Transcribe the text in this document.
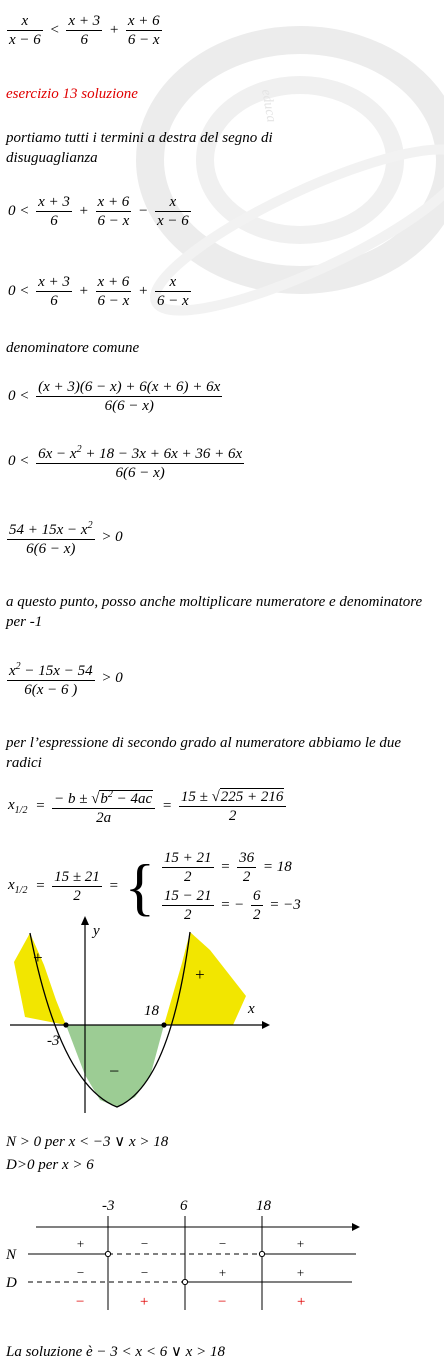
educa
$\frac{x}{x - 6} < \frac{x + 3}{6} + \frac{x + 6}{6 - x}$
esercizio 13 soluzione
portiamo tutti i termini a destra del segno di disuguaglianza
$0 < \frac{x + 3}{6} + \frac{x + 6}{6 - x} - \frac{x}{x - 6}$
$0 < \frac{x + 3}{6} + \frac{x + 6}{6 - x} + \frac{x}{6 - x}$
denominatore comune
$0 < \frac{(x + 3)(6 - x) + 6(x + 6) + 6x}{6(6 - x)}$
$0 < \frac{6x - x^2 + 18 - 3x + 6x + 36 + 6x}{6(6 - x)}$
$\frac{54 + 15x - x^2}{6(6 - x)} > 0$
a questo punto, posso anche moltiplicare numeratore e denominatore per -1
$\frac{x^2 - 15x - 54}{6(x - 6 )} > 0$
per l’espressione di secondo grado al numeratore abbiamo le due radici
$x_{1/2} = \frac{- b \pm √b^2 - 4ac}{2a} = \frac{15 \pm √225 + 216}{2}$
$x_{1/2} = \frac{15 \pm 21}{2}$ = { $\frac{15 + 21}{2} = \frac{36}{2} = 18$
$\frac{15 - 21}{2}$ = − $\frac{6}{2} = -3$
y
x
+
+
−
-3
18
N > 0 per x < −3 ∨ x > 18
D>0 per x > 6
-3	6	18
N
D
+	−	−	+
−	−	+	+
−	+	−	+
La soluzione è − 3 < x < 6 ∨ x > 18
